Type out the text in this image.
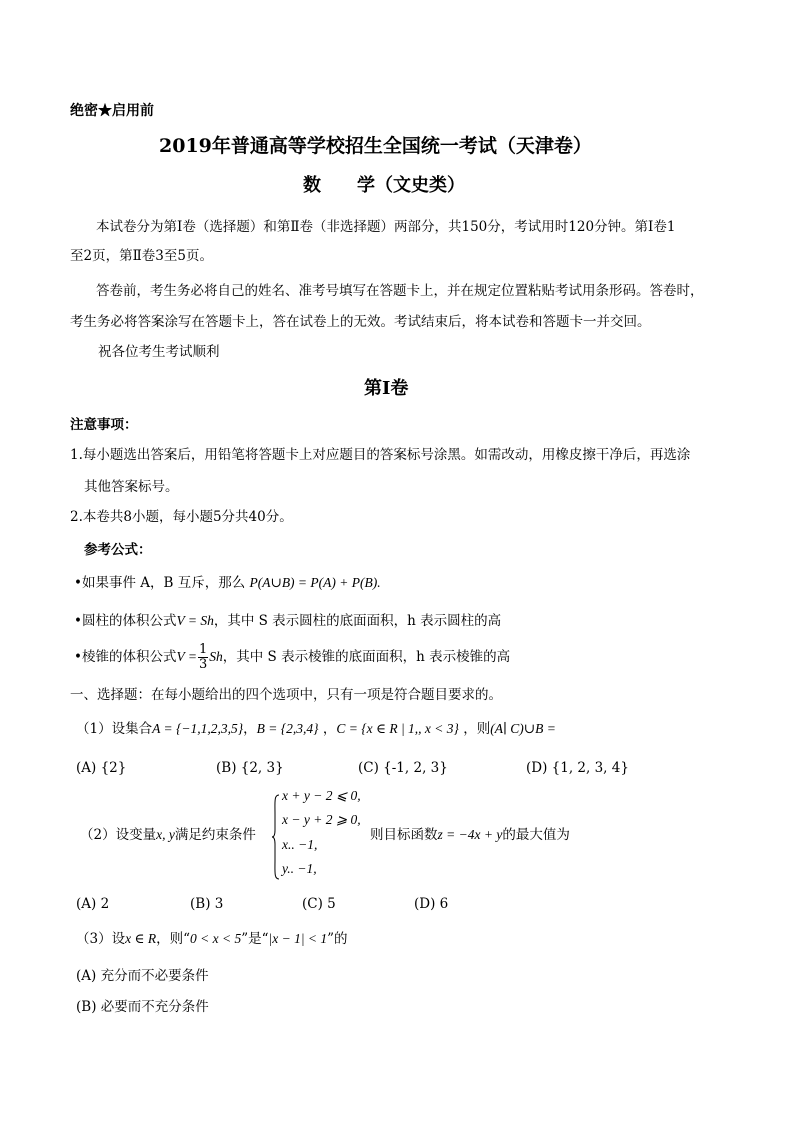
绝密★启用前
2019年普通高等学校招生全国统一考试（天津卷）
数　　学（文史类）
本试卷分为第Ⅰ卷（选择题）和第Ⅱ卷（非选择题）两部分，共150分，考试用时120分钟。第Ⅰ卷1
至2页，第Ⅱ卷3至5页。
答卷前，考生务必将自己的姓名、准考号填写在答题卡上，并在规定位置粘贴考试用条形码。答卷时，
考生务必将答案涂写在答题卡上，答在试卷上的无效。考试结束后，将本试卷和答题卡一并交回。
祝各位考生考试顺利
第Ⅰ卷
注意事项：
1.每小题选出答案后，用铅笔将答题卡上对应题目的答案标号涂黑。如需改动，用橡皮擦干净后，再选涂
其他答案标号。
2.本卷共8小题，每小题5分共40分。
参考公式：
•如果事件 A，B 互斥，那么 P(A∪B) = P(A) + P(B).
•圆柱的体积公式V = Sh，其中 S 表示圆柱的底面面积，h 表示圆柱的高
•棱锥的体积公式$V = \frac{1}{3}$ Sh，其中 S 表示棱锥的底面面积，h 表示棱锥的高
一、选择题：在每小题给出的四个选项中，只有一项是符合题目要求的。
（1）设集合A = {−1,1,2,3,5}，B = {2,3,4} ，C = {x ∈ R | 1,, x < 3} ，则(A∣ C)∪B =
(A) {2}	(B) {2, 3}	(C) {-1, 2, 3}	(D) {1, 2, 3, 4}
（2）设变量x, y满足约束条件
x + y − 2 ⩽ 0,
x − y + 2 ⩾ 0,
x.. −1,
y.. −1,
则目标函数z = −4x + y的最大值为
(A) 2	(B) 3	(C) 5	(D) 6
（3）设x ∈ R，则“0 < x < 5”是“|x − 1| < 1”的
(A) 充分而不必要条件
(B) 必要而不充分条件
